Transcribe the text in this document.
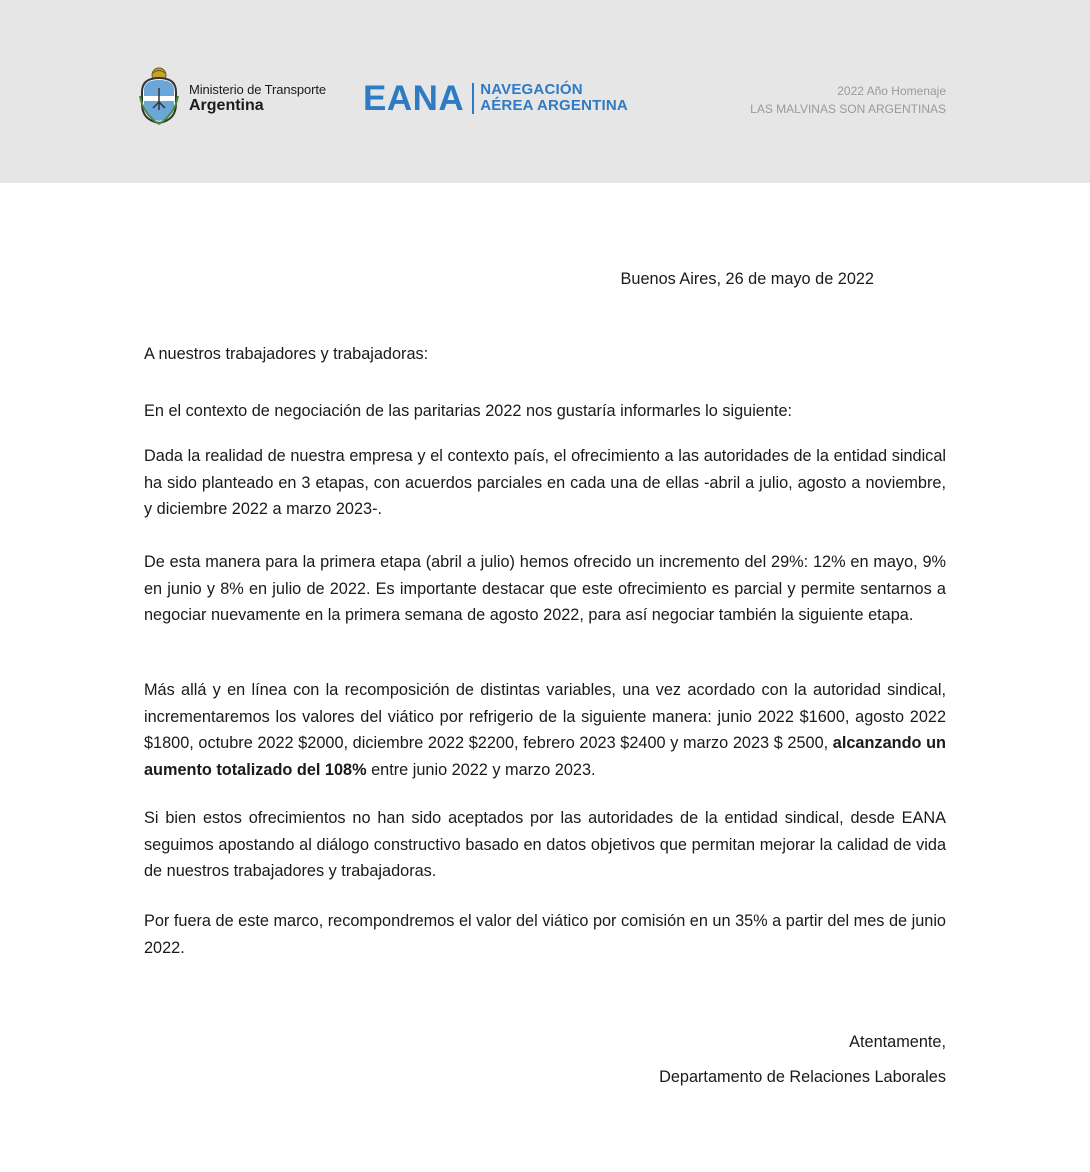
Ministerio de Transporte
Argentina	EANA NAVEGACIÓN
AÉREA ARGENTINA
2022 Año Homenaje
LAS MALVINAS SON ARGENTINAS
Buenos Aires, 26 de mayo de 2022

A nuestros trabajadores y trabajadoras:

En el contexto de negociación de las paritarias 2022 nos gustaría informarles lo siguiente:

Dada la realidad de nuestra empresa y el contexto país, el ofrecimiento a las autoridades de la entidad sindical ha sido planteado en 3 etapas, con acuerdos parciales en cada una de ellas -abril a julio, agosto a noviembre, y diciembre 2022 a marzo 2023-.

De esta manera para la primera etapa (abril a julio) hemos ofrecido un incremento del 29%: 12% en mayo, 9% en junio y 8% en julio de 2022. Es importante destacar que este ofrecimiento es parcial y permite sentarnos a negociar nuevamente en la primera semana de agosto 2022, para así negociar también la siguiente etapa.

Más allá y en línea con la recomposición de distintas variables, una vez acordado con la autoridad sindical, incrementaremos los valores del viático por refrigerio de la siguiente manera: junio 2022 $1600, agosto 2022 $1800, octubre 2022 $2000, diciembre 2022 $2200, febrero 2023 $2400 y marzo 2023 $ 2500, alcanzando un aumento totalizado del 108% entre junio 2022 y marzo 2023.

Si bien estos ofrecimientos no han sido aceptados por las autoridades de la entidad sindical, desde EANA seguimos apostando al diálogo constructivo basado en datos objetivos que permitan mejorar la calidad de vida de nuestros trabajadores y trabajadoras.

Por fuera de este marco, recompondremos el valor del viático por comisión en un 35% a partir del mes de junio 2022.

Atentamente,
Departamento de Relaciones Laborales
